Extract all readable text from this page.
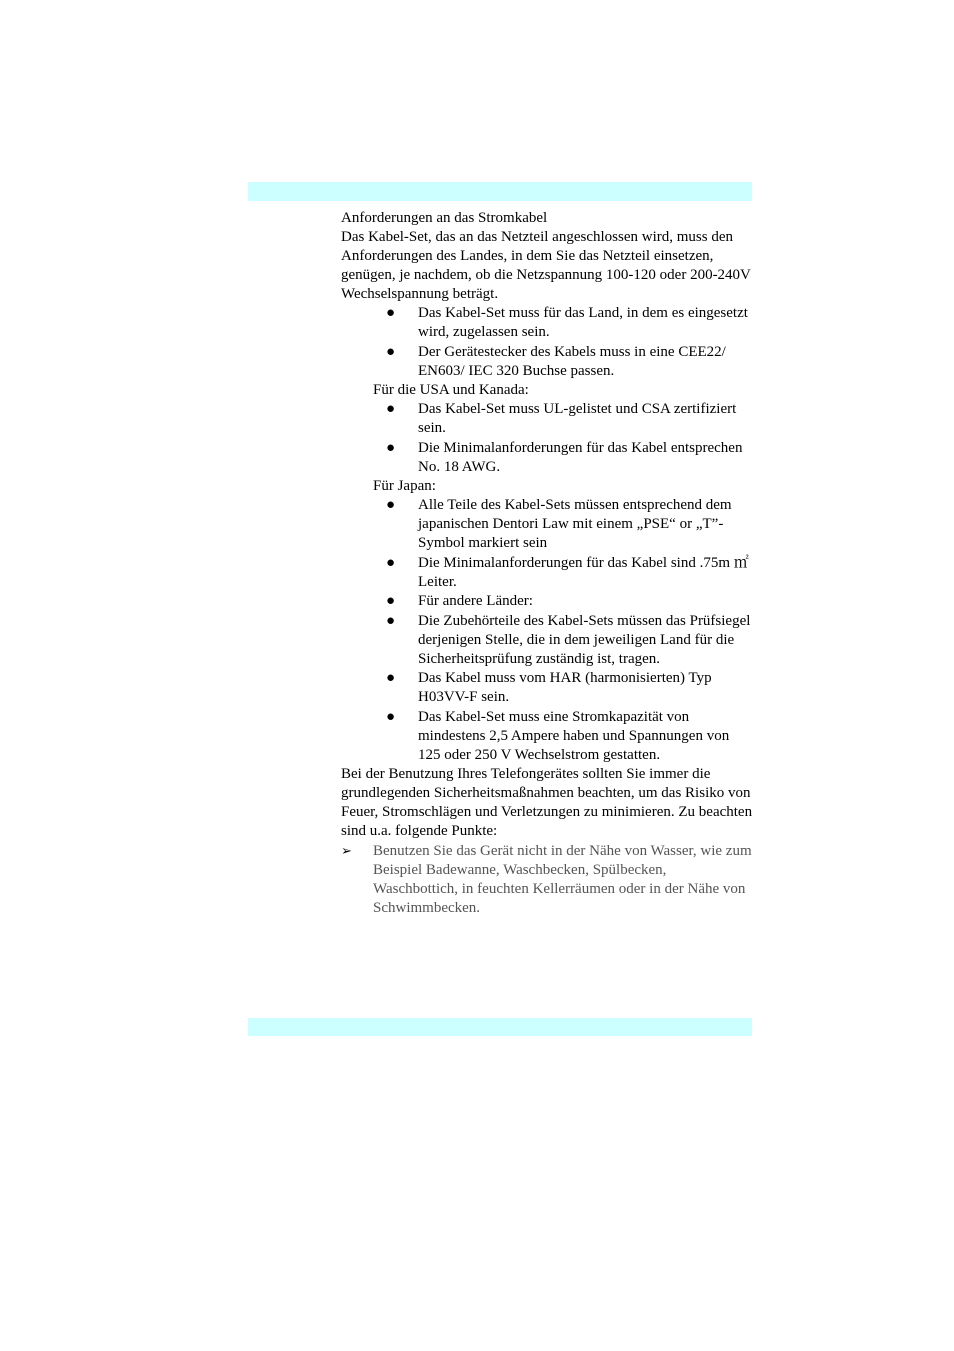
Anforderungen an das Stromkabel

Das Kabel-Set, das an das Netzteil angeschlossen wird, muss den Anforderungen des Landes, in dem Sie das Netzteil einsetzen, genügen, je nachdem, ob die Netzspannung 100-120 oder 200-240V Wechselspannung beträgt.

● Das Kabel-Set muss für das Land, in dem es eingesetzt wird, zugelassen sein.
● Der Gerätestecker des Kabels muss in eine CEE22/ EN603/ IEC 320 Buchse passen.

Für die USA und Kanada:

● Das Kabel-Set muss UL-gelistet und CSA zertifiziert sein.
● Die Minimalanforderungen für das Kabel entsprechen No. 18 AWG.

Für Japan:

● Alle Teile des Kabel-Sets müssen entsprechend dem japanischen Dentori Law mit einem „PSE“ or „T”-Symbol markiert sein
● Die Minimalanforderungen für das Kabel sind .75m ㎡ Leiter.
● Für andere Länder:
● Die Zubehörteile des Kabel-Sets müssen das Prüfsiegel derjenigen Stelle, die in dem jeweiligen Land für die Sicherheitsprüfung zuständig ist, tragen.
● Das Kabel muss vom HAR (harmonisierten) Typ H03VV-F sein.
● Das Kabel-Set muss eine Stromkapazität von mindestens 2,5 Ampere haben und Spannungen von 125 oder 250 V Wechselstrom gestatten.

Bei der Benutzung Ihres Telefongerätes sollten Sie immer die grundlegenden Sicherheitsmaßnahmen beachten, um das Risiko von Feuer, Stromschlägen und Verletzungen zu minimieren. Zu beachten sind u.a. folgende Punkte:

➢ Benutzen Sie das Gerät nicht in der Nähe von Wasser, wie zum Beispiel Badewanne, Waschbecken, Spülbecken, Waschbottich, in feuchten Kellerräumen oder in der Nähe von Schwimmbecken.
